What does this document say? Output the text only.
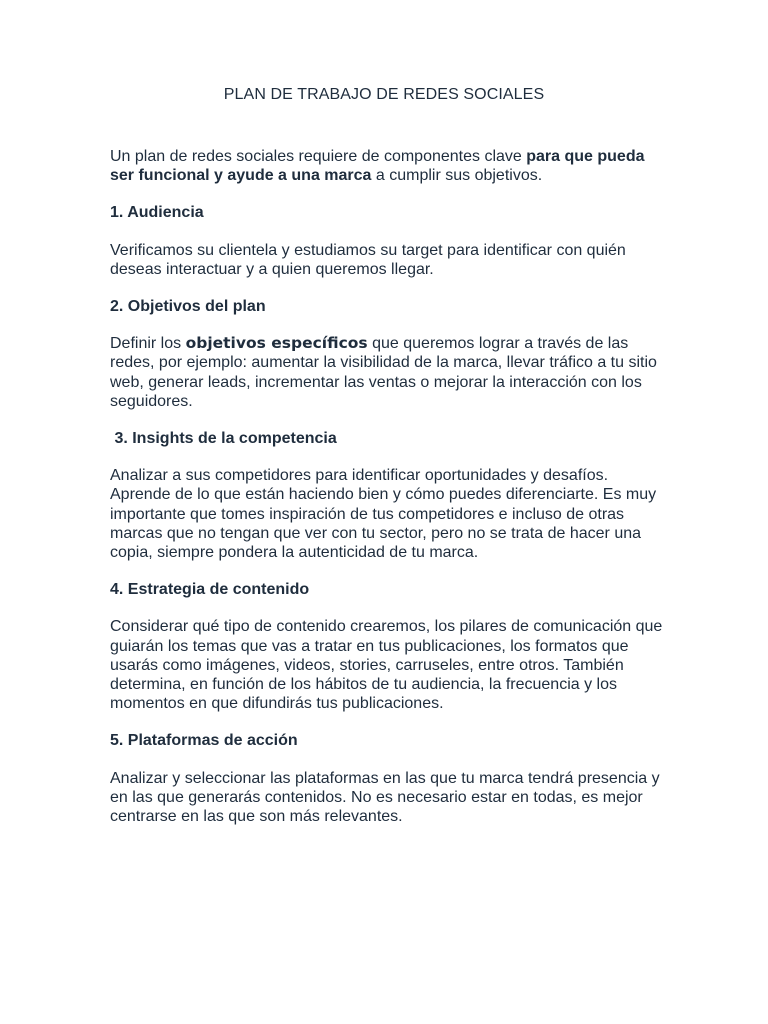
PLAN DE TRABAJO DE REDES SOCIALES

Un plan de redes sociales requiere de componentes clave para que pueda ser funcional y ayude a una marca a cumplir sus objetivos.

1. Audiencia

Verificamos su clientela y estudiamos su target para identificar con quién deseas interactuar y a quien queremos llegar.

2. Objetivos del plan

Definir los objetivos específicos que queremos lograr a través de las redes, por ejemplo: aumentar la visibilidad de la marca, llevar tráfico a tu sitio web, generar leads, incrementar las ventas o mejorar la interacción con los seguidores.

3. Insights de la competencia

Analizar a sus competidores para identificar oportunidades y desafíos. Aprende de lo que están haciendo bien y cómo puedes diferenciarte. Es muy importante que tomes inspiración de tus competidores e incluso de otras marcas que no tengan que ver con tu sector, pero no se trata de hacer una copia, siempre pondera la autenticidad de tu marca.

4. Estrategia de contenido

Considerar qué tipo de contenido crearemos, los pilares de comunicación que guiarán los temas que vas a tratar en tus publicaciones, los formatos que usarás como imágenes, videos, stories, carruseles, entre otros. También determina, en función de los hábitos de tu audiencia, la frecuencia y los momentos en que difundirás tus publicaciones.

5. Plataformas de acción

Analizar y seleccionar las plataformas en las que tu marca tendrá presencia y en las que generarás contenidos. No es necesario estar en todas, es mejor centrarse en las que son más relevantes.
